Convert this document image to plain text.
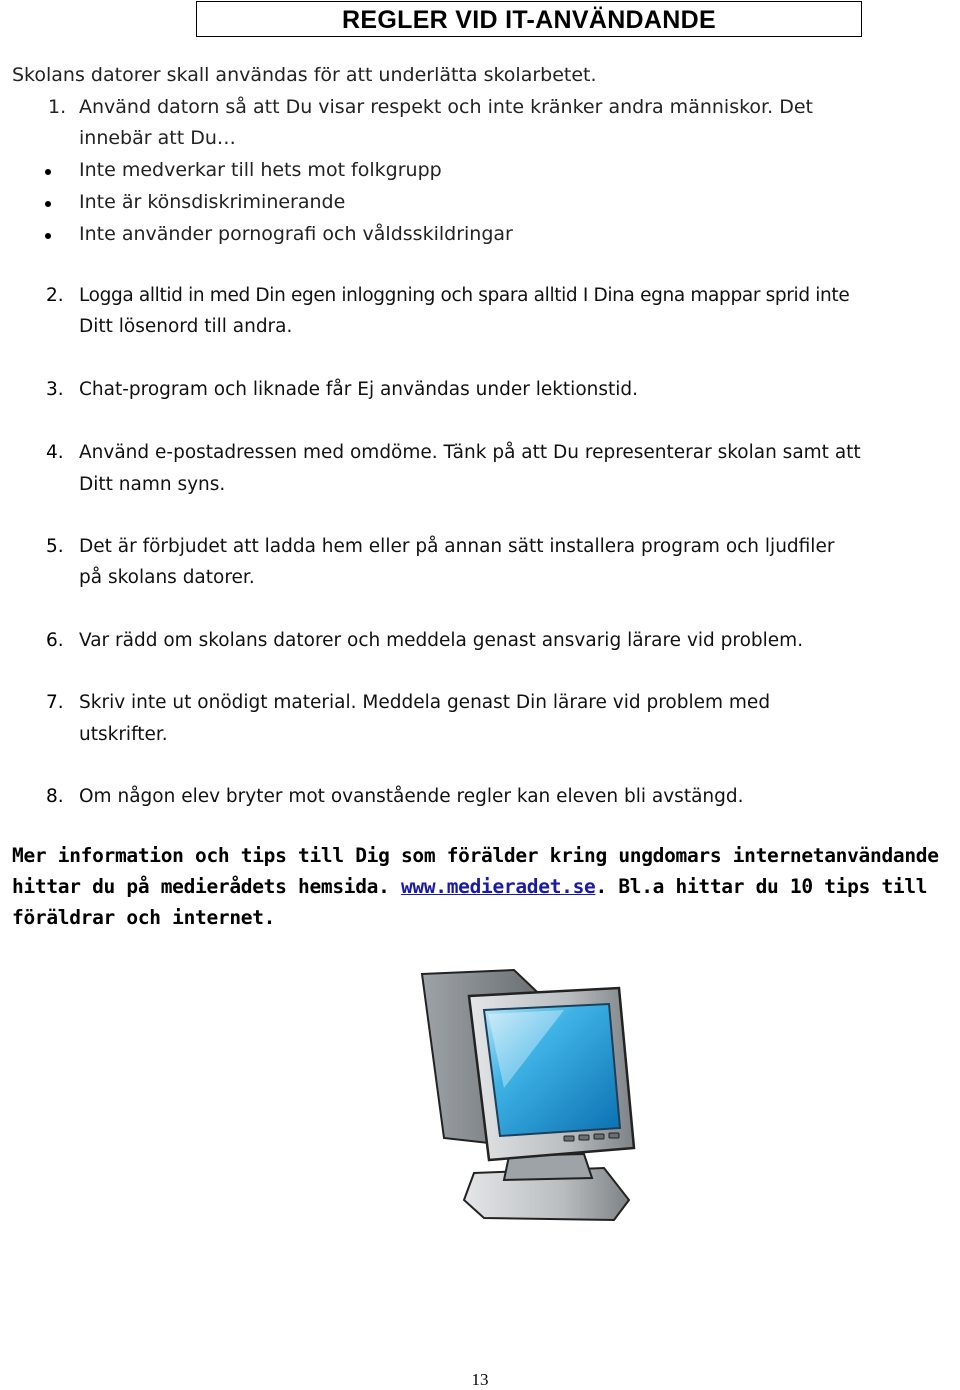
REGLER VID IT-ANVÄNDANDE
Skolans datorer skall användas för att underlätta skolarbetet.
1. Använd datorn så att Du visar respekt och inte kränker andra människor. Det
innebär att Du…
Inte medverkar till hets mot folkgrupp
Inte är könsdiskriminerande
Inte använder pornografi och våldsskildringar
2. Logga alltid in med Din egen inloggning och spara alltid I Dina egna mappar sprid inte
Ditt lösenord till andra.
3. Chat-program och liknade får Ej användas under lektionstid.
4. Använd e-postadressen med omdöme. Tänk på att Du representerar skolan samt att
Ditt namn syns.
5. Det är förbjudet att ladda hem eller på annan sätt installera program och ljudfiler
på skolans datorer.
6. Var rädd om skolans datorer och meddela genast ansvarig lärare vid problem.
7. Skriv inte ut onödigt material. Meddela genast Din lärare vid problem med
utskrifter.
8. Om någon elev bryter mot ovanstående regler kan eleven bli avstängd.
Mer information och tips till Dig som förälder kring ungdomars internetanvändande
hittar du på medierådets hemsida. www.medieradet.se. Bl.a hittar du 10 tips till
föräldrar och internet.
13
